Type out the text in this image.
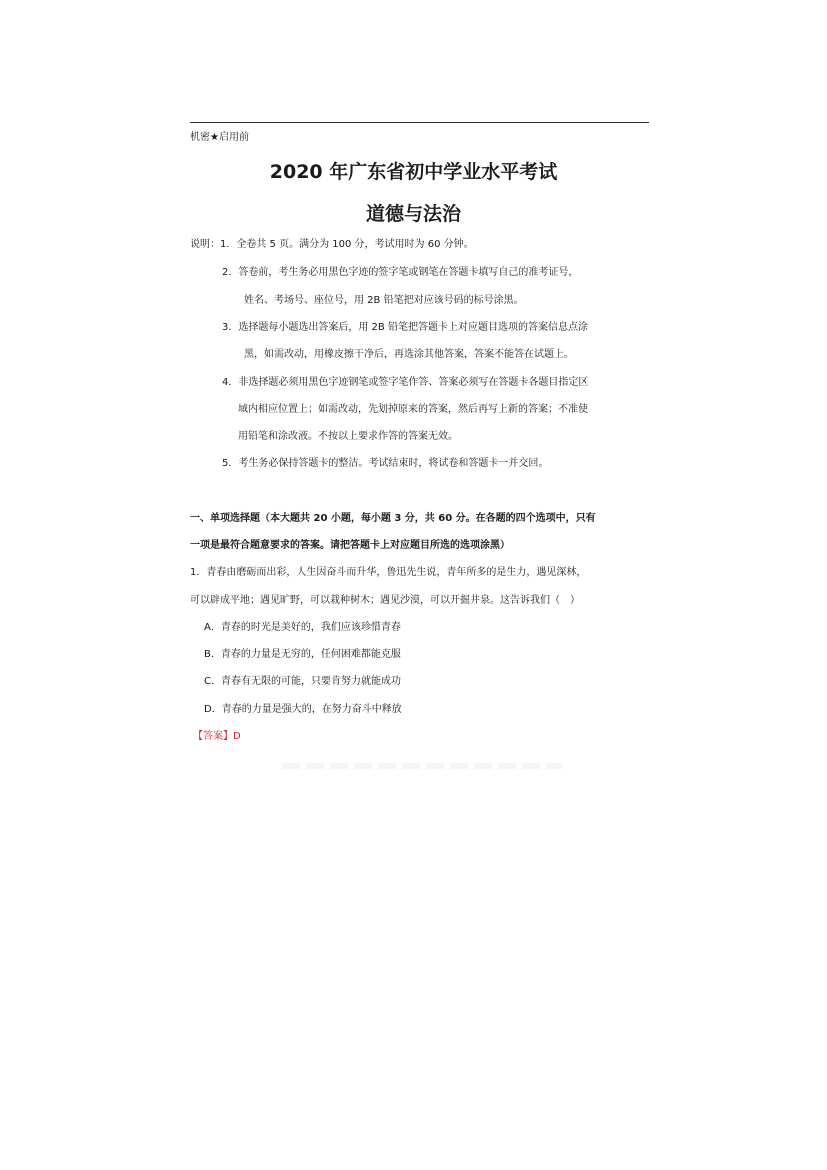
机密★启用前
2020 年广东省初中学业水平考试
道德与法治
说明：1．全卷共 5 页。满分为 100 分，考试用时为 60 分钟。
2．答卷前，考生务必用黑色字迹的签字笔或钢笔在答题卡填写自己的准考证号，
姓名、考场号、座位号，用 2B 铅笔把对应该号码的标号涂黑。
3．选择题每小题选出答案后，用 2B 铅笔把答题卡上对应题目选项的答案信息点涂
黑，如需改动，用橡皮擦干净后，再选涂其他答案，答案不能答在试题上。
4．非选择题必须用黑色字迹钢笔或签字笔作答、答案必须写在答题卡各题目指定区
域内相应位置上；如需改动，先划掉原来的答案，然后再写上新的答案；不准使
用铅笔和涂改液。不按以上要求作答的答案无效。
5．考生务必保持答题卡的整洁。考试结束时，将试卷和答题卡一并交回。
一、单项选择题（本大题共 20 小题，每小题 3 分，共 60 分。在各题的四个选项中，只有
一项是最符合题意要求的答案。请把答题卡上对应题目所选的选项涂黑）
1．青春由磨砺而出彩，人生因奋斗而升华，鲁迅先生说，青年所多的是生力，遇见深林，
可以辟成平地；遇见旷野，可以栽种树木；遇见沙漠，可以开掘井泉。这告诉我们（　）
A．青春的时光是美好的，我们应该珍惜青春
B．青春的力量是无穷的，任何困难都能克服
C．青春有无限的可能，只要肯努力就能成功
D．青春的力量是强大的，在努力奋斗中释放
【答案】D
